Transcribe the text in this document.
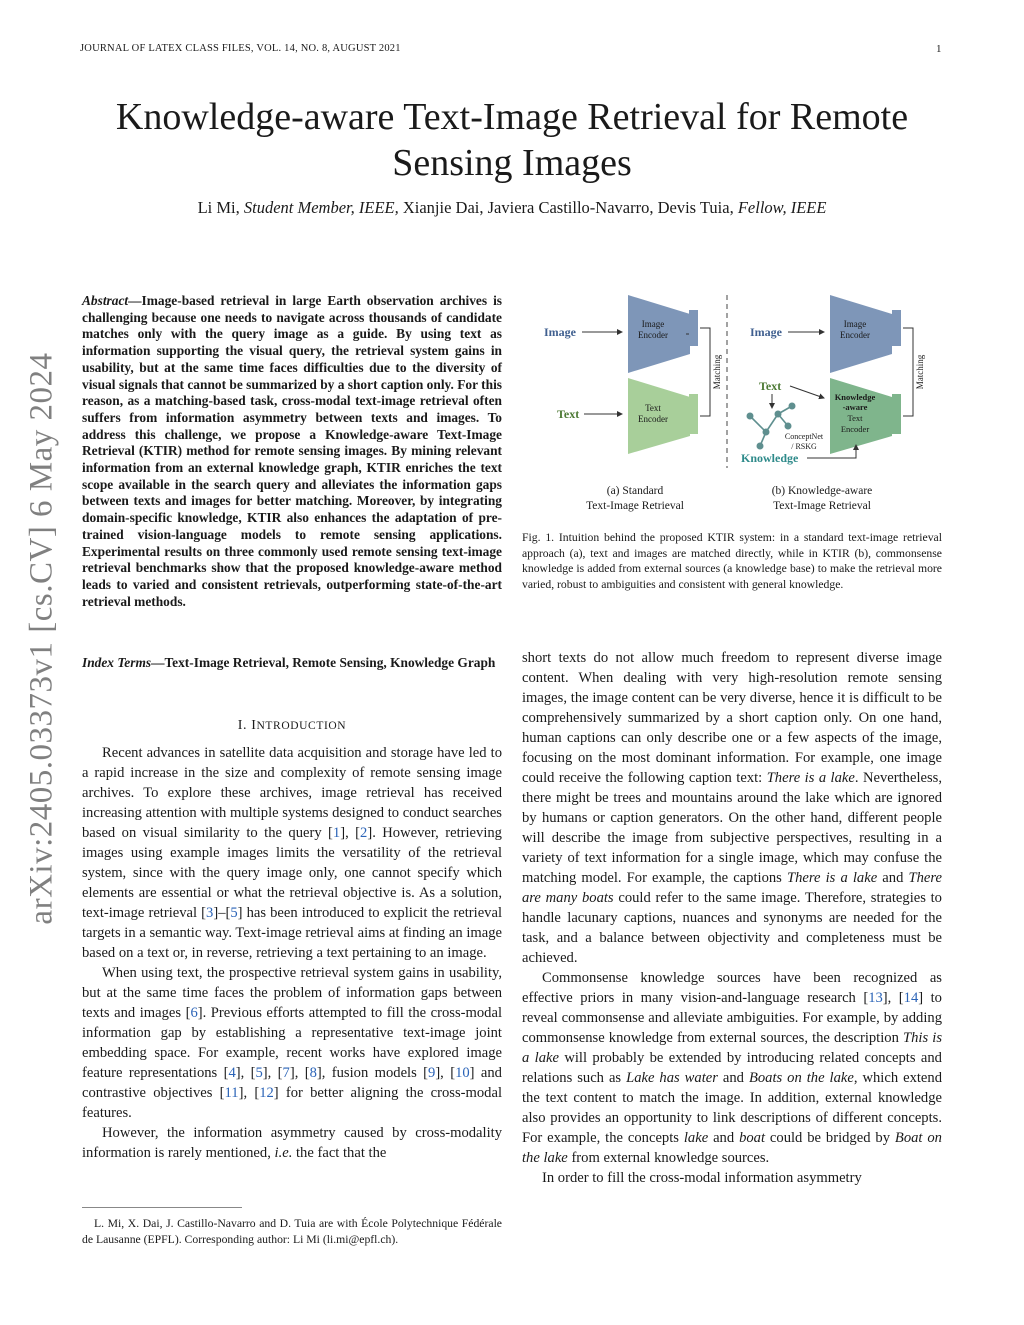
JOURNAL OF LATEX CLASS FILES, VOL. 14, NO. 8, AUGUST 2021	1
Knowledge-aware Text-Image Retrieval for Remote
Sensing Images
Li Mi, Student Member, IEEE, Xianjie Dai, Javiera Castillo-Navarro, Devis Tuia, Fellow, IEEE
arXiv:2405.03373v1 [cs.CV] 6 May 2024
Abstract—Image-based retrieval in large Earth observation archives is challenging because one needs to navigate across thousands of candidate matches only with the query image as a guide. By using text as information supporting the visual query, the retrieval system gains in usability, but at the same time faces difficulties due to the diversity of visual signals that cannot be summarized by a short caption only. For this reason, as a matching-based task, cross-modal text-image retrieval often suffers from information asymmetry between texts and images. To address this challenge, we propose a Knowledge-aware Text-Image Retrieval (KTIR) method for remote sensing images. By mining relevant information from an external knowledge graph, KTIR enriches the text scope available in the search query and alleviates the information gaps between texts and images for better matching. Moreover, by integrating domain-specific knowledge, KTIR also enhances the adaptation of pre-trained vision-language models to remote sensing applications. Experimental results on three commonly used remote sensing text-image retrieval benchmarks show that the proposed knowledge-aware method leads to varied and consistent retrievals, outperforming state-of-the-art retrieval methods.
Index Terms—Text-Image Retrieval, Remote Sensing, Knowledge Graph
I. INTRODUCTION

Recent advances in satellite data acquisition and storage have led to a rapid increase in the size and complexity of remote sensing image archives. To explore these archives, image retrieval has received increasing attention with multiple systems designed to conduct searches based on visual similarity to the query [1], [2]. However, retrieving images using example images limits the versatility of the retrieval system, since with the query image only, one cannot specify which elements are essential or what the retrieval objective is. As a solution, text-image retrieval [3]–[5] has been introduced to explicit the retrieval targets in a semantic way. Text-image retrieval aims at finding an image based on a text or, in reverse, retrieving a text pertaining to an image.

When using text, the prospective retrieval system gains in usability, but at the same time faces the problem of information gaps between texts and images [6]. Previous efforts attempted to fill the cross-modal information gap by establishing a representative text-image joint embedding space. For example, recent works have explored image feature representations [4], [5], [7], [8], fusion models [9], [10] and contrastive objectives [11], [12] for better aligning the cross-modal features.

However, the information asymmetry caused by cross-modality information is rarely mentioned, i.e. the fact that the

L. Mi, X. Dai, J. Castillo-Navarro and D. Tuia are with École Polytechnique Fédérale de Lausanne (EPFL). Corresponding author: Li Mi (li.mi@epfl.ch).
Image
Image
Encoder
Text	Text
Encoder
Matching
Image
Image
Encoder
Text
Knowledge
-aware
Text
Encoder
Matching
ConceptNet
/ RSKG
Knowledge
(a) Standard
Text-Image Retrieval
(b) Knowledge-aware
Text-Image Retrieval
Fig. 1. Intuition behind the proposed KTIR system: in a standard text-image retrieval approach (a), text and images are matched directly, while in KTIR (b), commonsense knowledge is added from external sources (a knowledge base) to make the retrieval more varied, robust to ambiguities and consistent with general knowledge.

short texts do not allow much freedom to represent diverse image content. When dealing with very high-resolution remote sensing images, the image content can be very diverse, hence it is difficult to be comprehensively summarized by a short caption only. On one hand, human captions can only describe one or a few aspects of the image, focusing on the most dominant information. For example, one image could receive the following caption text: There is a lake. Nevertheless, there might be trees and mountains around the lake which are ignored by humans or caption generators. On the other hand, different people will describe the image from subjective perspectives, resulting in a variety of text information for a single image, which may confuse the matching model. For example, the captions There is a lake and There are many boats could refer to the same image. Therefore, strategies to handle lacunary captions, nuances and synonyms are needed for the task, and a balance between objectivity and completeness must be achieved.

Commonsense knowledge sources have been recognized as effective priors in many vision-and-language research [13], [14] to reveal commonsense and alleviate ambiguities. For example, by adding commonsense knowledge from external sources, the description This is a lake will probably be extended by introducing related concepts and relations such as Lake has water and Boats on the lake, which extend the text content to match the image. In addition, external knowledge also provides an opportunity to link descriptions of different concepts. For example, the concepts lake and boat could be bridged by Boat on the lake from external knowledge sources.

In order to fill the cross-modal information asymmetry
